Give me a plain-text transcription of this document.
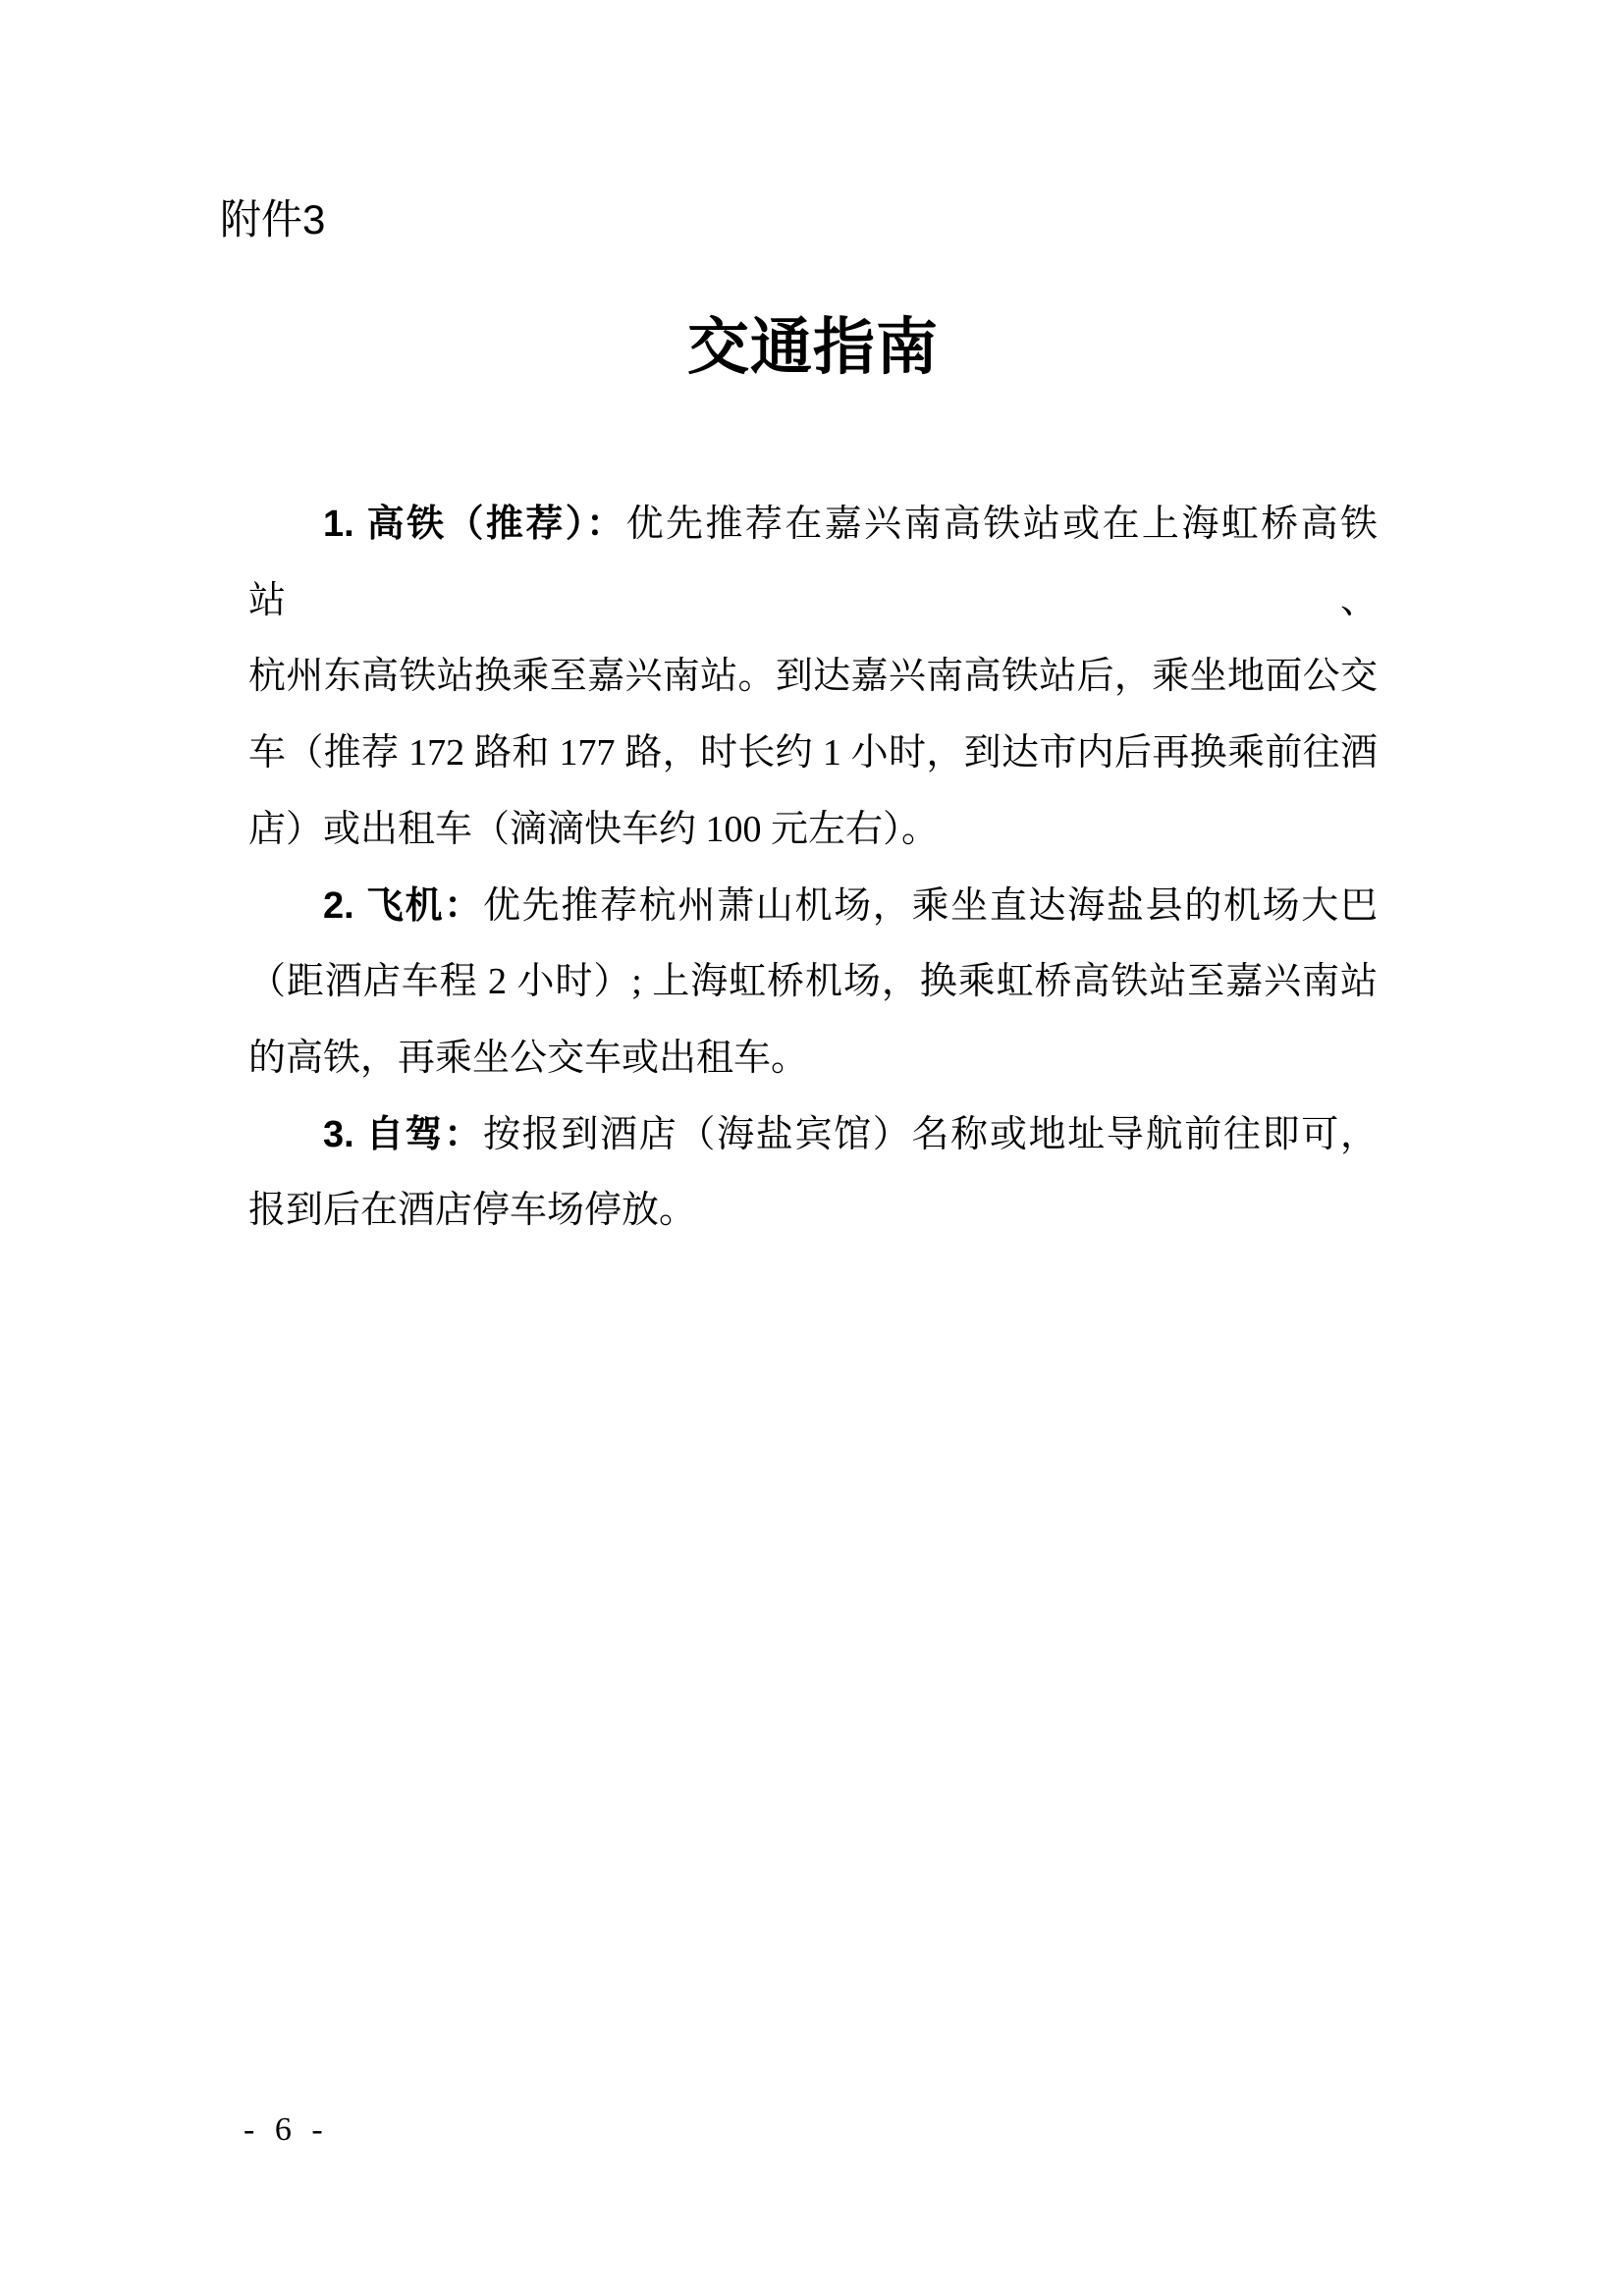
附件3
交通指南
1. 高铁（推荐）：优先推荐在嘉兴南高铁站或在上海虹桥高铁站、
杭州东高铁站换乘至嘉兴南站。到达嘉兴南高铁站后，乘坐地面公交
车（推荐 172 路和 177 路，时长约 1 小时，到达市内后再换乘前往酒
店）或出租车（滴滴快车约 100 元左右）。
2. 飞机：优先推荐杭州萧山机场，乘坐直达海盐县的机场大巴
（距酒店车程 2 小时）; 上海虹桥机场，换乘虹桥高铁站至嘉兴南站
的高铁，再乘坐公交车或出租车。
3. 自驾：按报到酒店（海盐宾馆）名称或地址导航前往即可，
报到后在酒店停车场停放。
- 6 -
